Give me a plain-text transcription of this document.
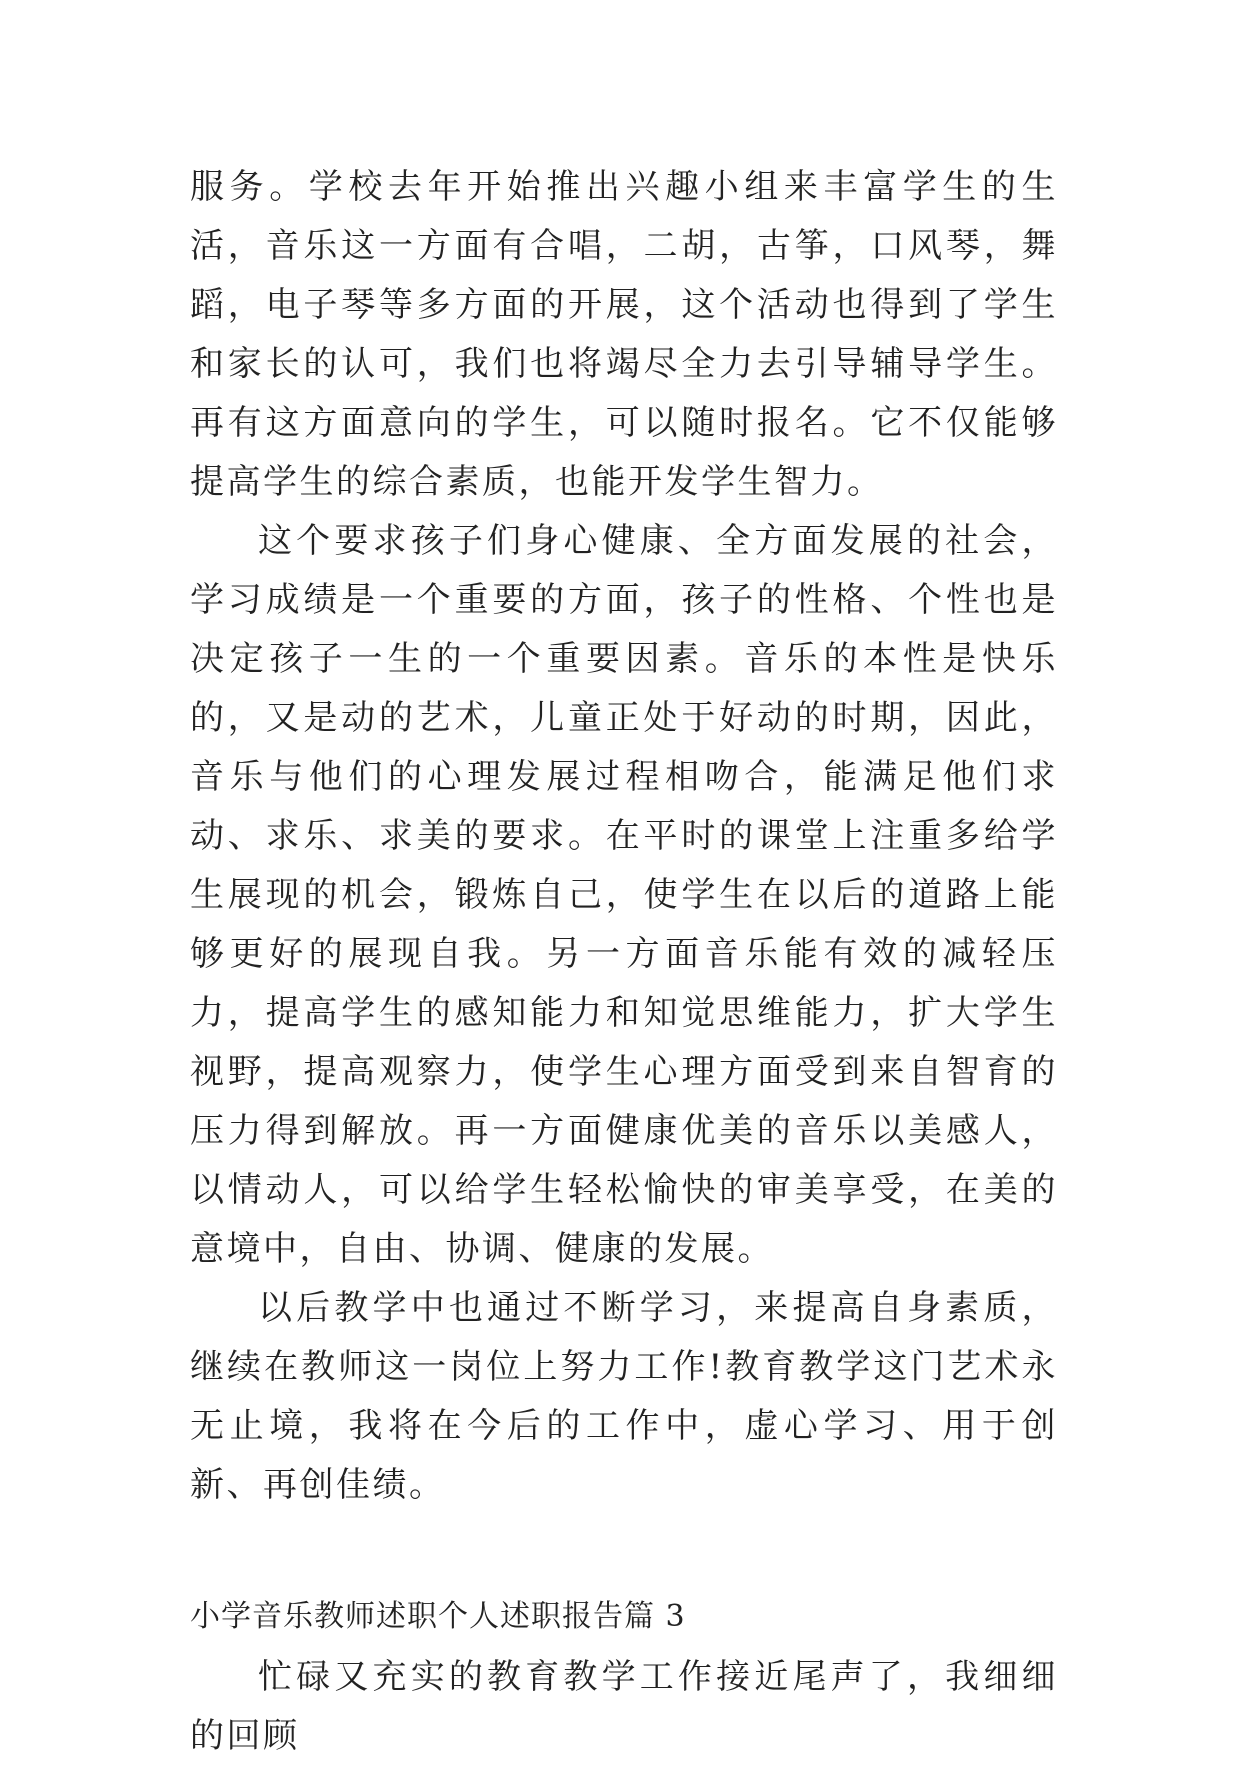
服务。学校去年开始推出兴趣小组来丰富学生的生活，音乐这一方面有合唱，二胡，古筝，口风琴，舞蹈，电子琴等多方面的开展，这个活动也得到了学生和家长的认可，我们也将竭尽全力去引导辅导学生。再有这方面意向的学生，可以随时报名。它不仅能够提高学生的综合素质，也能开发学生智力。

这个要求孩子们身心健康、全方面发展的社会，学习成绩是一个重要的方面，孩子的性格、个性也是决定孩子一生的一个重要因素。音乐的本性是快乐的，又是动的艺术，儿童正处于好动的时期，因此，音乐与他们的心理发展过程相吻合，能满足他们求动、求乐、求美的要求。在平时的课堂上注重多给学生展现的机会，锻炼自己，使学生在以后的道路上能够更好的展现自我。另一方面音乐能有效的减轻压力，提高学生的感知能力和知觉思维能力，扩大学生视野，提高观察力，使学生心理方面受到来自智育的压力得到解放。再一方面健康优美的音乐以美感人，以情动人，可以给学生轻松愉快的审美享受，在美的意境中，自由、协调、健康的发展。

以后教学中也通过不断学习，来提高自身素质，继续在教师这一岗位上努力工作!教育教学这门艺术永无止境，我将在今后的工作中，虚心学习、用于创新、再创佳绩。

小学音乐教师述职个人述职报告篇 3

忙碌又充实的教育教学工作接近尾声了，我细细的回顾
